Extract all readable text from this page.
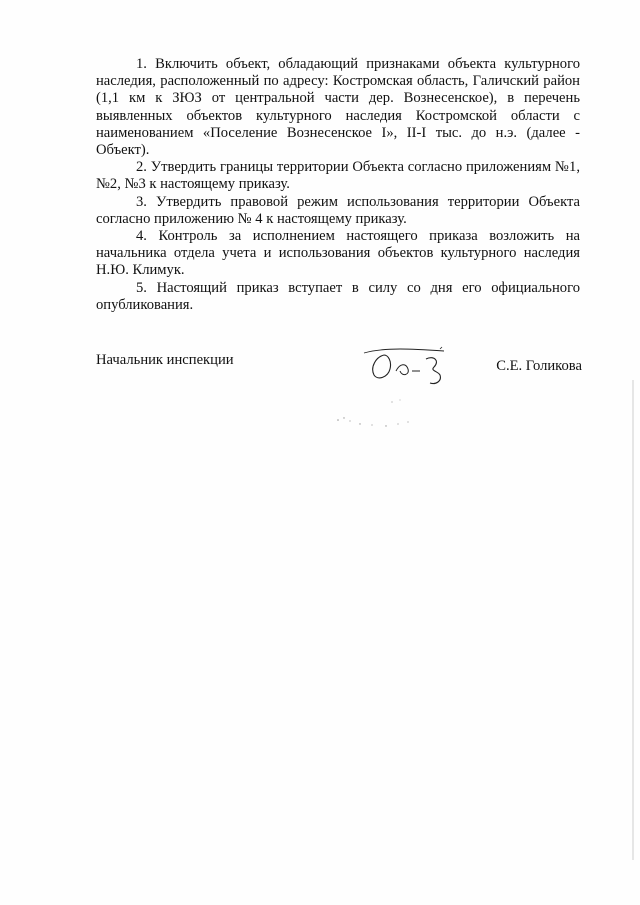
1. Включить объект, обладающий признаками объекта культурного наследия, расположенный по адресу: Костромская область, Галичский район (1,1 км к ЗЮЗ от центральной части дер. Вознесенское), в перечень выявленных объектов культурного наследия Костромской области с наименованием «Поселение Вознесенское I», II-I тыс. до н.э. (далее - Объект).

2. Утвердить границы территории Объекта согласно приложениям №1, №2, №3 к настоящему приказу.

3. Утвердить правовой режим использования территории Объекта согласно приложению № 4 к настоящему приказу.

4. Контроль за исполнением настоящего приказа возложить на начальника отдела учета и использования объектов культурного наследия Н.Ю. Климук.

5. Настоящий приказ вступает в силу со дня его официального опубликования.

Начальник инспекции	С.Е. Голикова
